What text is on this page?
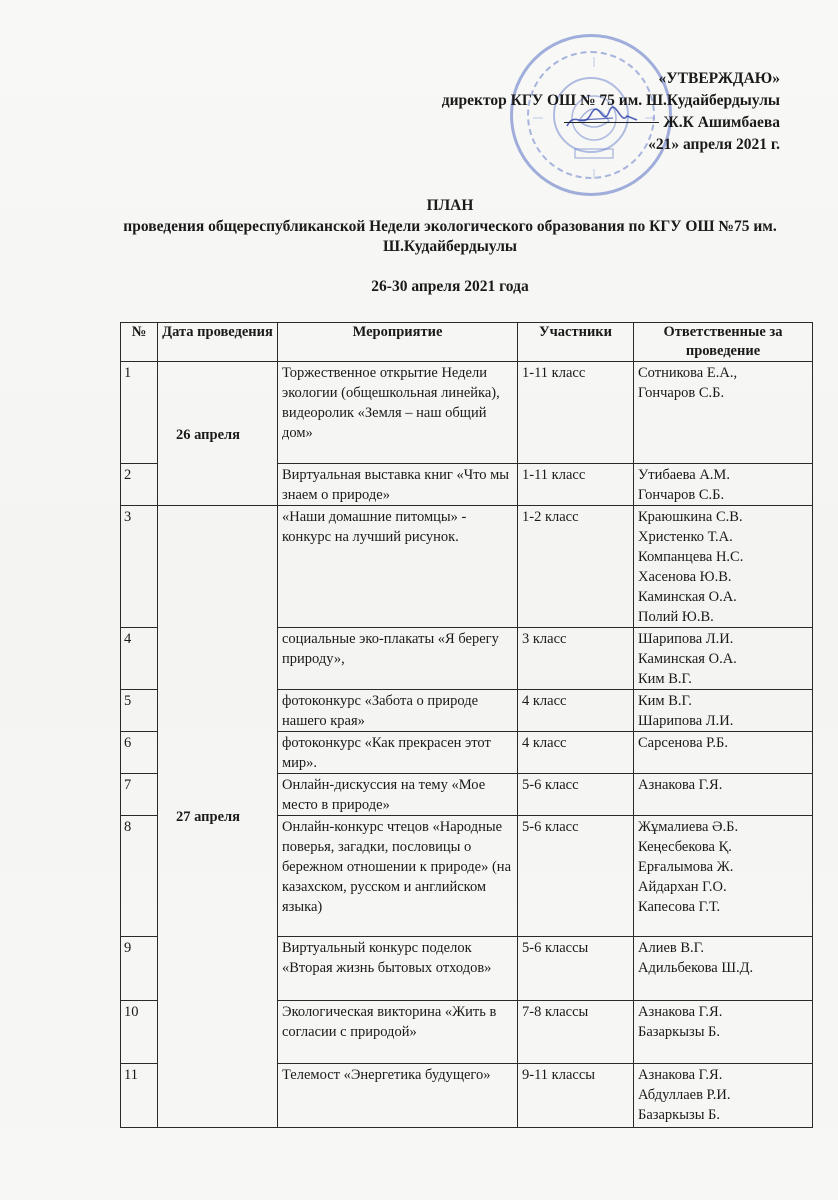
«УТВЕРЖДАЮ»
директор КГУ ОШ № 75 им. Ш.Кудайбердыулы
Ж.К Ашимбаева
«21» апреля 2021 г.
ПЛАН
проведения общереспубликанской Недели экологического образования по КГУ ОШ №75 им. Ш.Кудайбердыулы
26-30 апреля 2021 года
№	Дата проведения	Мероприятие	Участники	Ответственные за проведение
1	26 апреля	Торжественное открытие Недели экологии (общешкольная линейка), видеоролик «Земля – наш общий дом»	1-11 класс	Сотникова Е.А.,
Гончаров С.Б.

2		Виртуальная выставка книг «Что мы знаем о природе»	1-11 класс	Утибаева А.М.
Гончаров С.Б.

3	27 апреля	«Наши домашние питомцы» - конкурс на лучший рисунок.	1-2 класс	Краюшкина С.В.
Христенко Т.А.
Компанцева Н.С.
Хасенова Ю.В.
Каминская О.А.
Полий Ю.В.

4		социальные эко-плакаты «Я берегу природу»,	3 класс	Шарипова Л.И.
Каминская О.А.
Ким В.Г.

5		фотоконкурс «Забота о природе нашего края»	4 класс	Ким В.Г.
Шарипова Л.И.

6		фотоконкурс «Как прекрасен этот мир».	4 класс	Сарсенова Р.Б.

7		Онлайн-дискуссия на тему «Мое место в природе»	5-6 класс	Азнакова Г.Я.

8		Онлайн-конкурс чтецов «Народные поверья, загадки, пословицы о бережном отношении к природе» (на казахском, русском и английском языка)	5-6 класс	Жұмалиева Ә.Б.
Кеңесбекова Қ.
Ерғалымова Ж.
Айдархан Г.О.
Капесова Г.Т.

9		Виртуальный конкурс поделок «Вторая жизнь бытовых отходов»	5-6 классы	Алиев В.Г.
Адильбекова Ш.Д.

10		Экологическая викторина «Жить в согласии с природой»	7-8 классы	Азнакова Г.Я.
Базаркызы Б.

11		Телемост «Энергетика будущего»	9-11 классы	Азнакова Г.Я.
Абдуллаев Р.И.
Базаркызы Б.
